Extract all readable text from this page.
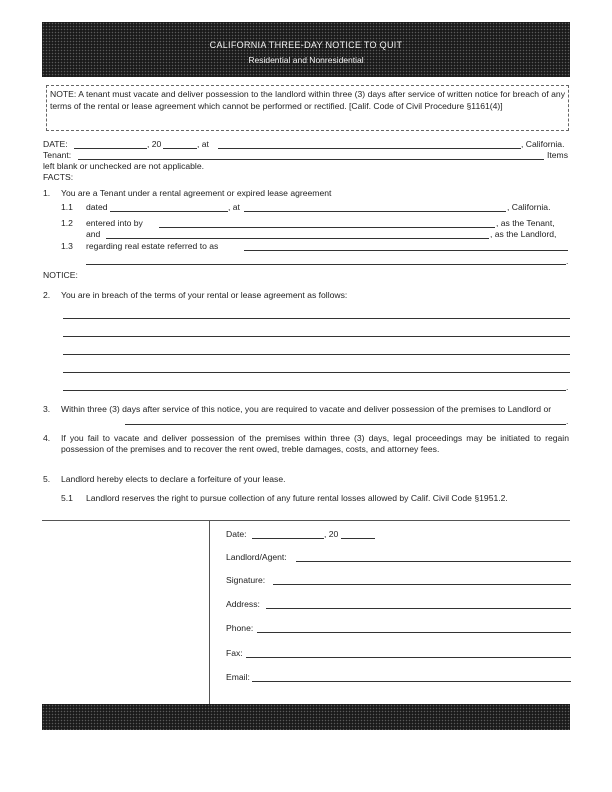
CALIFORNIA THREE-DAY NOTICE TO QUIT
Residential and Nonresidential
NOTE: A tenant must vacate and deliver possession to the landlord within three (3) days after service of written notice for breach of any terms of the rental or lease agreement which cannot be performed or rectified. [Calif. Code of Civil Procedure §1161(4)]
DATE:	, 20	, at	, California.
Tenant:	Items
left blank or unchecked are not applicable.
FACTS:
1. You are a Tenant under a rental agreement or expired lease agreement
1.1 dated	, at	, California.
1.2 entered into by	, as the Tenant,
and	, as the Landlord,
1.3 regarding real estate referred to as
.
NOTICE:
2. You are in breach of the terms of your rental or lease agreement as follows:
.
3. Within three (3) days after service of this notice, you are required to vacate and deliver possession of the premises to Landlord or
.
4. If you fail to vacate and deliver possession of the premises within three (3) days, legal proceedings may be initiated to regain possession of the premises and to recover the rent owed, treble damages, costs, and attorney fees.
5. Landlord hereby elects to declare a forfeiture of your lease.
5.1 Landlord reserves the right to pursue collection of any future rental losses allowed by Calif. Civil Code §1951.2.
Date:	, 20
Landlord/Agent:
Signature:
Address:
Phone:
Fax:
Email:
